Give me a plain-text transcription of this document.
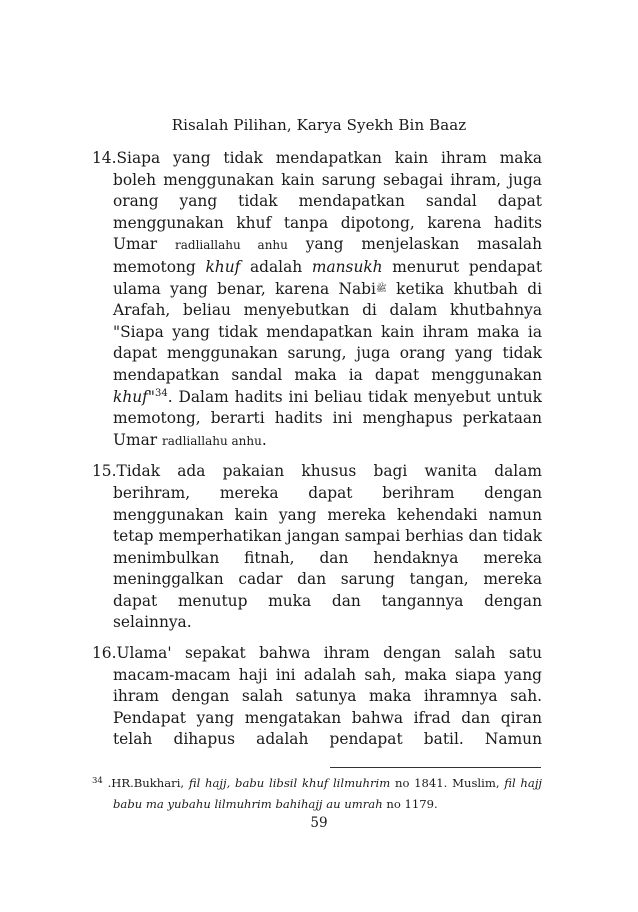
Risalah Pilihan, Karya Syekh Bin Baaz

14.Siapa yang tidak mendapatkan kain ihram maka boleh menggunakan kain sarung sebagai ihram, juga orang yang tidak mendapatkan sandal dapat menggunakan khuf tanpa dipotong, karena hadits Umar radliallahu anhu yang menjelaskan masalah memotong khuf adalah mansukh menurut pendapat ulama yang benar, karena Nabiﷺ ketika khutbah di Arafah, beliau menyebutkan di dalam khutbahnya "Siapa yang tidak mendapatkan kain ihram maka ia dapat menggunakan sarung, juga orang yang tidak mendapatkan sandal maka ia dapat menggunakan khuf"$^{34}$. Dalam hadits ini beliau tidak menyebut untuk memotong, berarti hadits ini menghapus perkataan Umar radliallahu anhu.

15.Tidak ada pakaian khusus bagi wanita dalam berihram, mereka dapat berihram dengan menggunakan kain yang mereka kehendaki namun tetap memperhatikan jangan sampai berhias dan tidak menimbulkan fitnah, dan hendaknya mereka meninggalkan cadar dan sarung tangan, mereka dapat menutup muka dan tangannya dengan selainnya.

16.Ulama' sepakat bahwa ihram dengan salah satu macam-macam haji ini adalah sah, maka siapa yang ihram dengan salah satunya maka ihramnya sah. Pendapat yang mengatakan bahwa ifrad dan qiran telah dihapus adalah pendapat batil. Namun

$^{34}$ .HR.Bukhari, fil hajj, babu libsil khuf lilmuhrim no 1841. Muslim, fil hajj babu ma yubahu lilmuhrim bahihajj au umrah no 1179.
59
